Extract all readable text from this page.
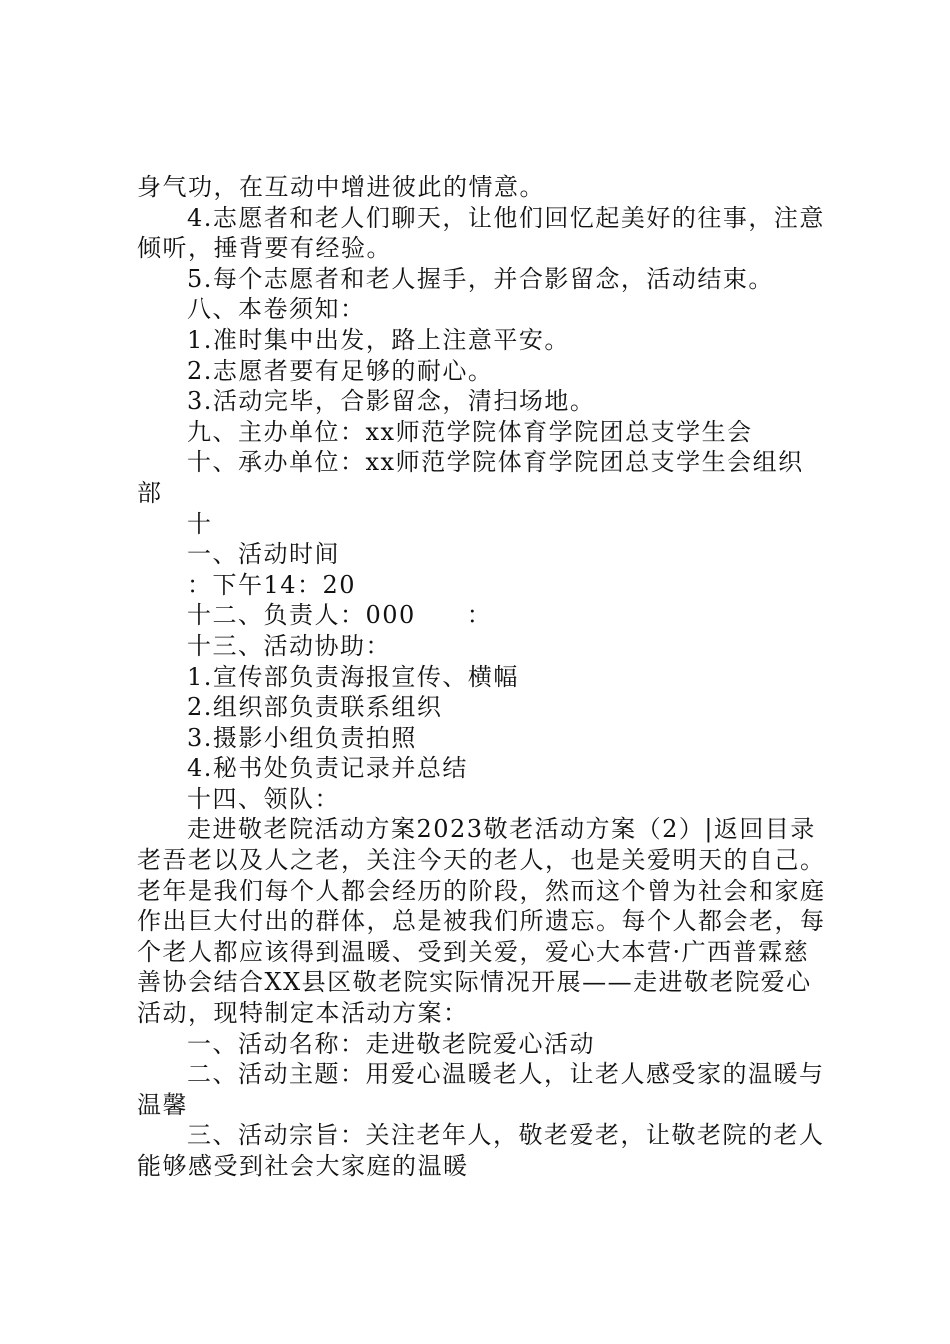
身气功，在互动中增进彼此的情意。
4.志愿者和老人们聊天，让他们回忆起美好的往事，注意
倾听，捶背要有经验。
5.每个志愿者和老人握手，并合影留念，活动结束。
八、本卷须知：
1.准时集中出发，路上注意平安。
2.志愿者要有足够的耐心。
3.活动完毕，合影留念，清扫场地。
九、主办单位：xx师范学院体育学院团总支学生会
十、承办单位：xx师范学院体育学院团总支学生会组织
部
十
一、活动时间
：下午14：20
十二、负责人：000　　：
十三、活动协助：
1.宣传部负责海报宣传、横幅
2.组织部负责联系组织
3.摄影小组负责拍照
4.秘书处负责记录并总结
十四、领队：
走进敬老院活动方案2023敬老活动方案（2）|返回目录
老吾老以及人之老，关注今天的老人，也是关爱明天的自己。
老年是我们每个人都会经历的阶段，然而这个曾为社会和家庭
作出巨大付出的群体，总是被我们所遗忘。每个人都会老，每
个老人都应该得到温暖、受到关爱，爱心大本营·广西普霖慈
善协会结合XX县区敬老院实际情况开展——走进敬老院爱心
活动，现特制定本活动方案：
一、活动名称：走进敬老院爱心活动
二、活动主题：用爱心温暖老人，让老人感受家的温暖与
温馨
三、活动宗旨：关注老年人，敬老爱老，让敬老院的老人
能够感受到社会大家庭的温暖
